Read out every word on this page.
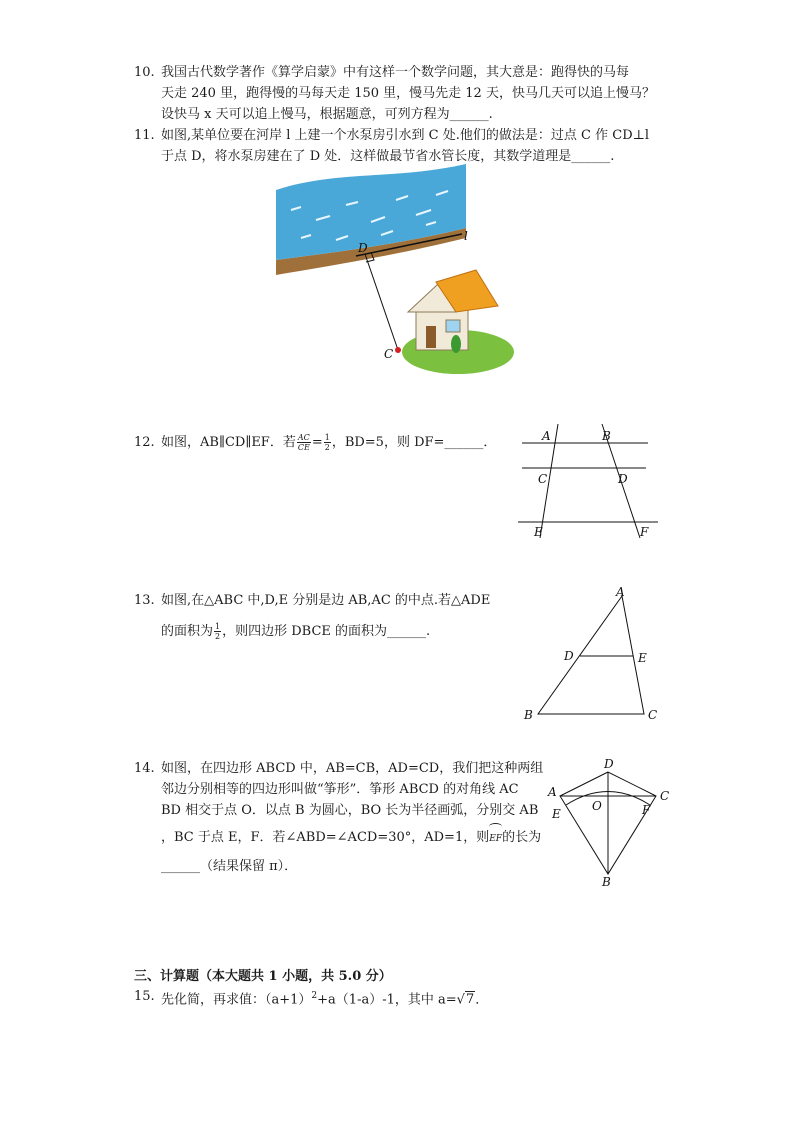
10. 我国古代数学著作《算学启蒙》中有这样一个数学问题，其大意是：跑得快的马每
天走 240 里，跑得慢的马每天走 150 里，慢马先走 12 天，快马几天可以追上慢马？
设快马 x 天可以追上慢马，根据题意，可列方程为______.
11. 如图,某单位要在河岸 l 上建一个水泵房引水到 C 处.他们的做法是：过点 C 作 CD⊥l
于点 D，将水泵房建在了 D 处．这样做最节省水管长度，其数学道理是______.
l
D
C
12. 如图，AB∥CD∥EF．若 $\frac{AC}{CE} = \frac{1}{2}$ ，BD=5，则 DF=______．	A	B
C	D
E	F
13. 如图,在△ABC 中,D,E 分别是边 AB,AC 的中点.若△ADE
的面积为 $\frac{1}{2}$ ，则四边形 DBCE 的面积为______.
A
B	C
D	E
14. 如图，在四边形 ABCD 中，AB=CB，AD=CD，我们把这种两组
邻边分别相等的四边形叫做“筝形”．筝形 ABCD 的对角线 AC
BD 相交于点 O．以点 B 为圆心，BO 长为半径画弧，分别交 AB
，BC 于点 E，F．若∠ABD=∠ACD=30°，AD=1，则EF的长为
______（结果保留 π）．
D
A	C
E	F
O
B
三、计算题（本大题共 1 小题，共 5.0 分）
15. 先化简，再求值：$(a+1)^2+a(1-a)-1$，其中 a=√7．
